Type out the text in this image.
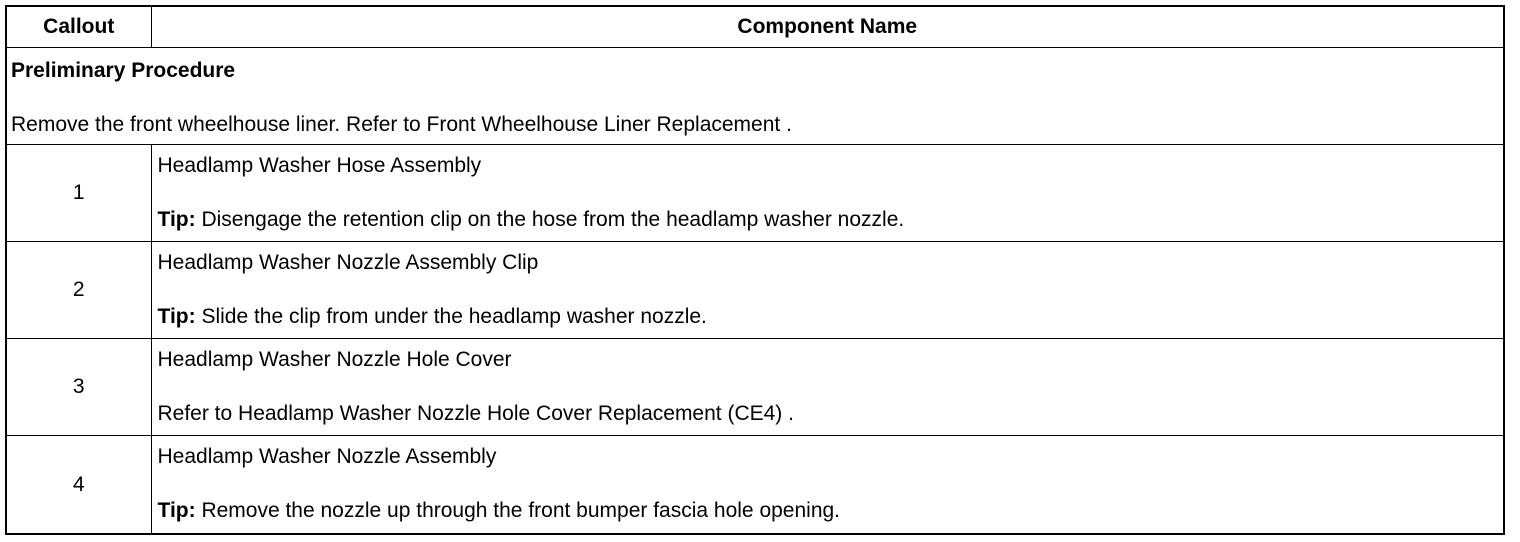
Callout	Component Name

Preliminary Procedure
Remove the front wheelhouse liner. Refer to Front Wheelhouse Liner Replacement .	

1	Headlamp Washer Hose Assembly
Tip: Disengage the retention clip on the hose from the headlamp washer nozzle.

2	Headlamp Washer Nozzle Assembly Clip
Tip: Slide the clip from under the headlamp washer nozzle.

3	Headlamp Washer Nozzle Hole Cover
Refer to Headlamp Washer Nozzle Hole Cover Replacement (CE4) .

4	Headlamp Washer Nozzle Assembly
Tip: Remove the nozzle up through the front bumper fascia hole opening.
